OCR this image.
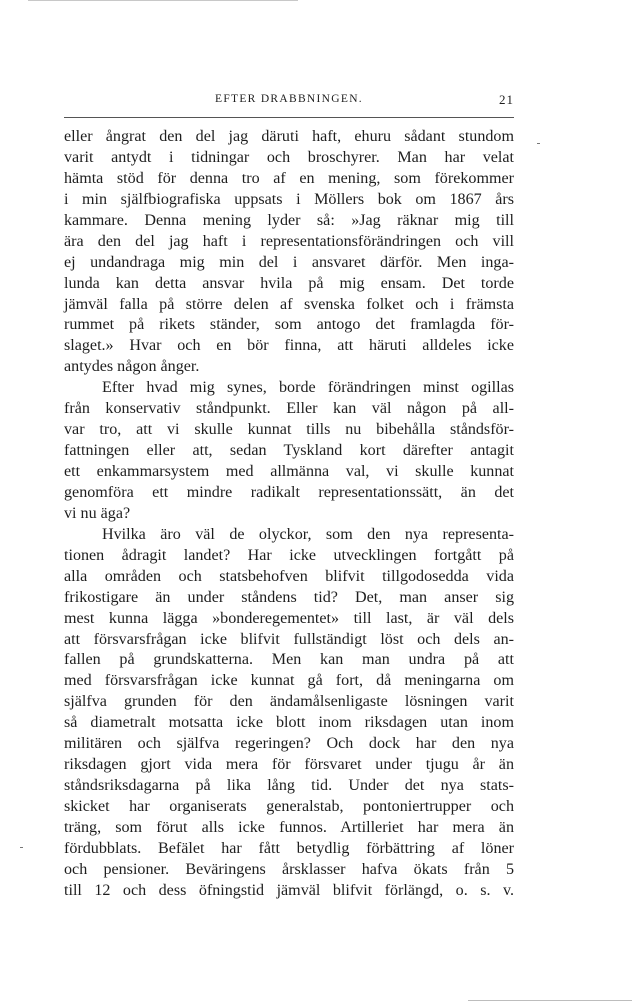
EFTER DRABBNINGEN.	21
eller ångrat den del jag däruti haft, ehuru sådant stundom
varit antydt i tidningar och broschyrer. Man har velat
hämta stöd för denna tro af en mening, som förekommer
i min själfbiografiska uppsats i Möllers bok om 1867 års
kammare. Denna mening lyder så: »Jag räknar mig till
ära den del jag haft i representationsförändringen och vill
ej undandraga mig min del i ansvaret därför. Men inga-
lunda kan detta ansvar hvila på mig ensam. Det torde
jämväl falla på större delen af svenska folket och i främsta
rummet på rikets ständer, som antogo det framlagda för-
slaget.» Hvar och en bör finna, att häruti alldeles icke
antydes någon ånger.
Efter hvad mig synes, borde förändringen minst ogillas
från konservativ ståndpunkt. Eller kan väl någon på all-
var tro, att vi skulle kunnat tills nu bibehålla ståndsför-
fattningen eller att, sedan Tyskland kort därefter antagit
ett enkammarsystem med allmänna val, vi skulle kunnat
genomföra ett mindre radikalt representationssätt, än det
vi nu äga?
Hvilka äro väl de olyckor, som den nya representa-
tionen ådragit landet? Har icke utvecklingen fortgått på
alla områden och statsbehofven blifvit tillgodosedda vida
frikostigare än under ståndens tid? Det, man anser sig
mest kunna lägga »bonderegementet» till last, är väl dels
att försvarsfrågan icke blifvit fullständigt löst och dels an-
fallen på grundskatterna. Men kan man undra på att
med försvarsfrågan icke kunnat gå fort, då meningarna om
själfva grunden för den ändamålsenligaste lösningen varit
så diametralt motsatta icke blott inom riksdagen utan inom
militären och själfva regeringen? Och dock har den nya
riksdagen gjort vida mera för försvaret under tjugu år än
ståndsriksdagarna på lika lång tid. Under det nya stats-
skicket har organiserats generalstab, pontoniertrupper och
träng, som förut alls icke funnos. Artilleriet har mera än
fördubblats. Befälet har fått betydlig förbättring af löner
och pensioner. Beväringens årsklasser hafva ökats från 5
till 12 och dess öfningstid jämväl blifvit förlängd, o. s. v.
